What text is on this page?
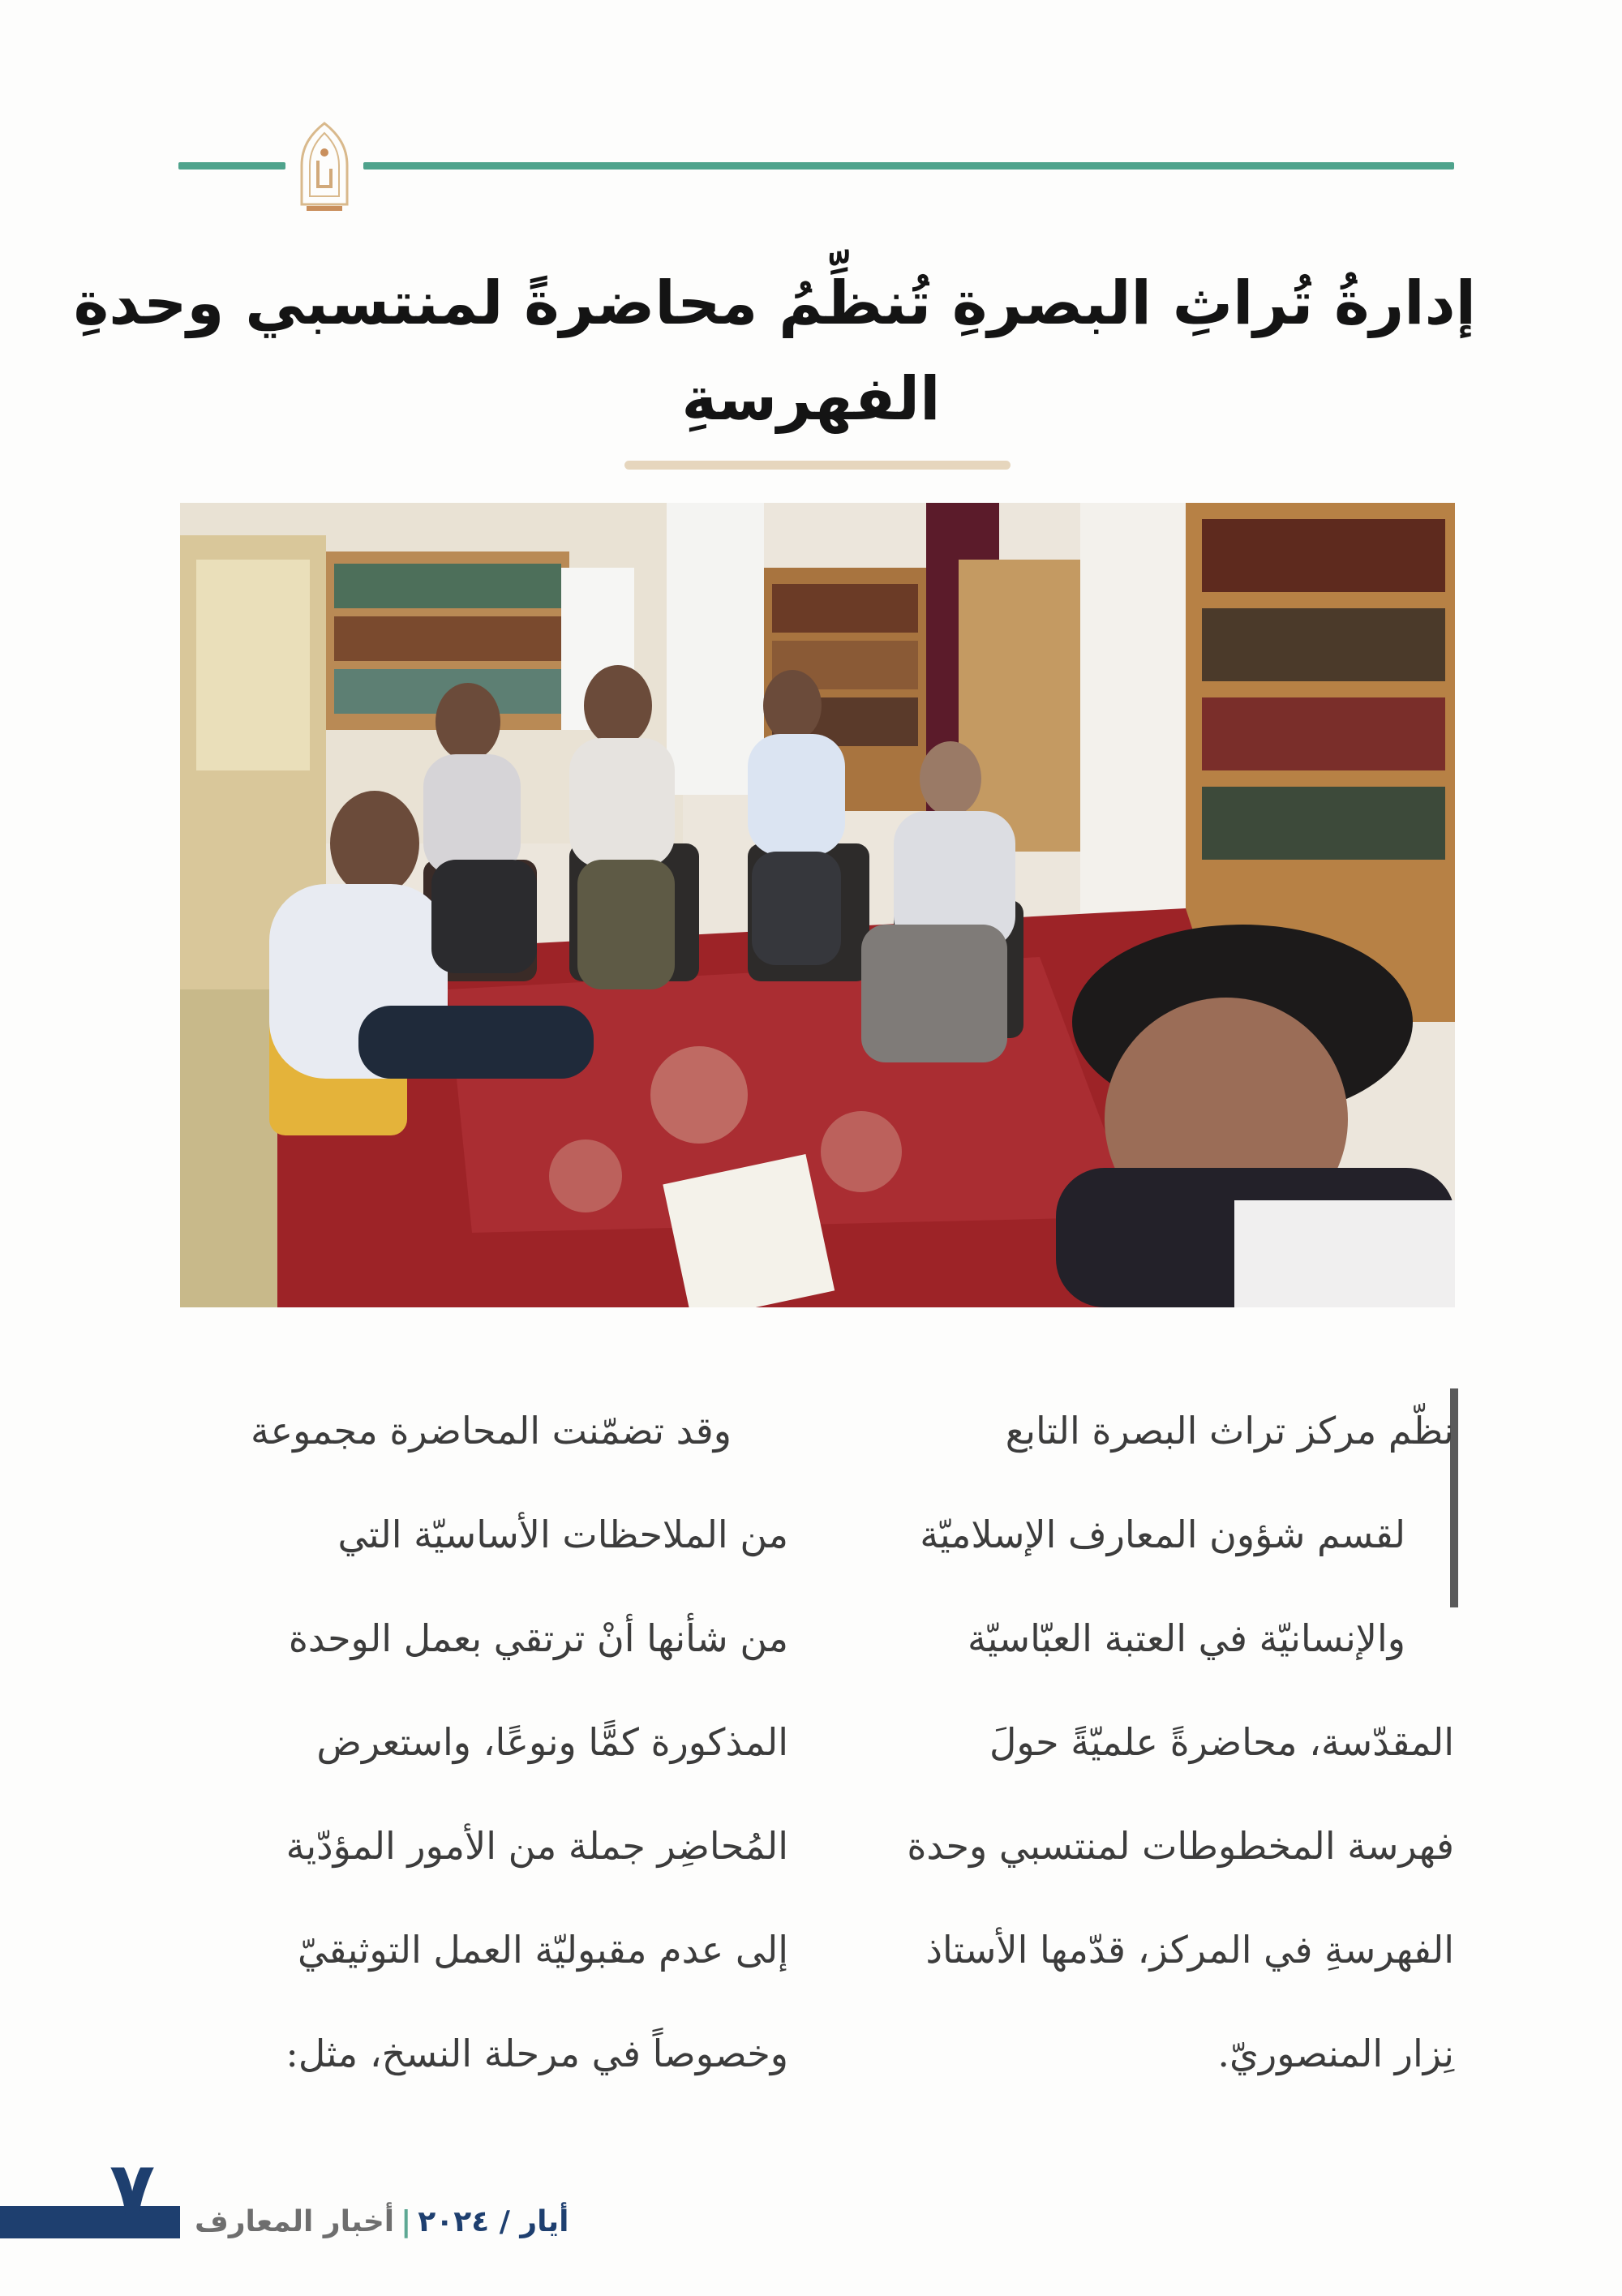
إدارةُ تُراثِ البصرةِ تُنظِّمُ محاضرةً لمنتسبي وحدةِ
الفهرسةِ
نظّم مركز تراث البصرة التابع
لقسم شؤون المعارف الإسلاميّة
والإنسانيّة في العتبة العبّاسيّة
المقدّسة، محاضرةً علميّةً حولَ
فهرسة المخطوطات لمنتسبي وحدة
الفهرسةِ في المركز، قدّمها الأستاذ
نِزار المنصوريّ.
وقد تضمّنت المحاضرة مجموعة
من الملاحظات الأساسيّة التي
من شأنها أنْ ترتقي بعمل الوحدة
المذكورة كمًّا ونوعًا، واستعرض
المُحاضِر جملة من الأمور المؤدّية
إلى عدم مقبوليّة العمل التوثيقيّ
وخصوصاً في مرحلة النسخ، مثل:
٧	أيار / ٢٠٢٤|أخبار المعارف
